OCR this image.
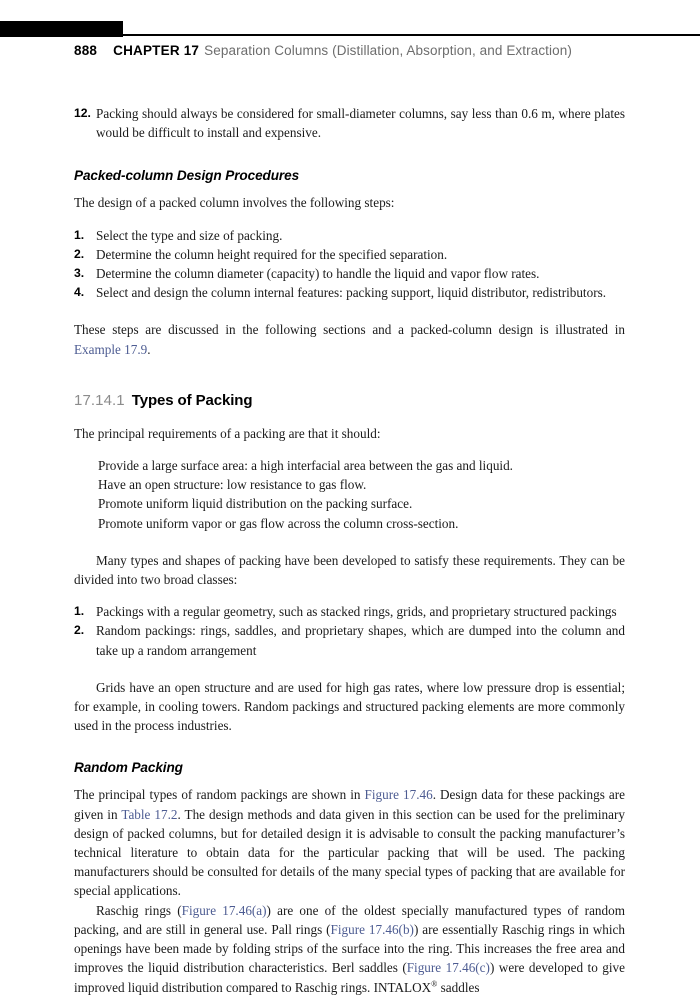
888 CHAPTER 17 Separation Columns (Distillation, Absorption, and Extraction)
12. Packing should always be considered for small-diameter columns, say less than 0.6 m, where plates would be difficult to install and expensive.
Packed-column Design Procedures

The design of a packed column involves the following steps:

1. Select the type and size of packing.
2. Determine the column height required for the specified separation.
3. Determine the column diameter (capacity) to handle the liquid and vapor flow rates.
4. Select and design the column internal features: packing support, liquid distributor, redistributors.

These steps are discussed in the following sections and a packed-column design is illustrated in Example 17.9.

17.14.1 Types of Packing

The principal requirements of a packing are that it should:

Provide a large surface area: a high interfacial area between the gas and liquid.
Have an open structure: low resistance to gas flow.
Promote uniform liquid distribution on the packing surface.
Promote uniform vapor or gas flow across the column cross-section.

Many types and shapes of packing have been developed to satisfy these requirements. They can be divided into two broad classes:

1. Packings with a regular geometry, such as stacked rings, grids, and proprietary structured packings
2. Random packings: rings, saddles, and proprietary shapes, which are dumped into the column and take up a random arrangement

Grids have an open structure and are used for high gas rates, where low pressure drop is essential; for example, in cooling towers. Random packings and structured packing elements are more commonly used in the process industries.

Random Packing

The principal types of random packings are shown in Figure 17.46. Design data for these packings are given in Table 17.2. The design methods and data given in this section can be used for the preliminary design of packed columns, but for detailed design it is advisable to consult the packing manufacturer’s technical literature to obtain data for the particular packing that will be used. The packing manufacturers should be consulted for details of the many special types of packing that are available for special applications.

Raschig rings (Figure 17.46(a)) are one of the oldest specially manufactured types of random packing, and are still in general use. Pall rings (Figure 17.46(b)) are essentially Raschig rings in which openings have been made by folding strips of the surface into the ring. This increases the free area and improves the liquid distribution characteristics. Berl saddles (Figure 17.46(c)) were developed to give improved liquid distribution compared to Raschig rings. INTALOX® saddles
